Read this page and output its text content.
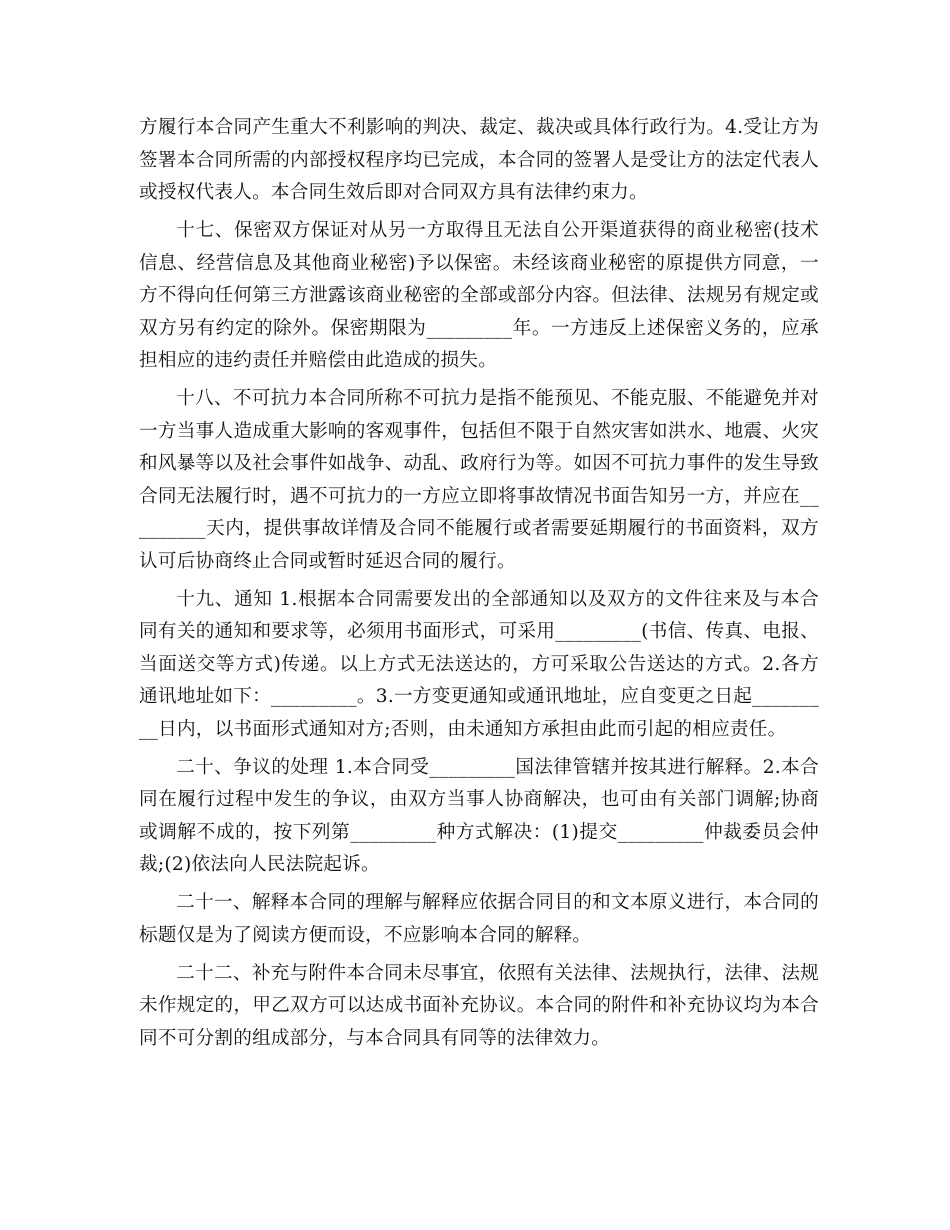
方履行本合同产生重大不利影响的判决、裁定、裁决或具体行政行为。4.受让方为签署本合同所需的内部授权程序均已完成，本合同的签署人是受让方的法定代表人或授权代表人。本合同生效后即对合同双方具有法律约束力。

十七、保密双方保证对从另一方取得且无法自公开渠道获得的商业秘密(技术信息、经营信息及其他商业秘密)予以保密。未经该商业秘密的原提供方同意，一方不得向任何第三方泄露该商业秘密的全部或部分内容。但法律、法规另有规定或双方另有约定的除外。保密期限为_________年。一方违反上述保密义务的，应承担相应的违约责任并赔偿由此造成的损失。

十八、不可抗力本合同所称不可抗力是指不能预见、不能克服、不能避免并对一方当事人造成重大影响的客观事件，包括但不限于自然灾害如洪水、地震、火灾和风暴等以及社会事件如战争、动乱、政府行为等。如因不可抗力事件的发生导致合同无法履行时，遇不可抗力的一方应立即将事故情况书面告知另一方，并应在_________天内，提供事故详情及合同不能履行或者需要延期履行的书面资料，双方认可后协商终止合同或暂时延迟合同的履行。

十九、通知 1.根据本合同需要发出的全部通知以及双方的文件往来及与本合同有关的通知和要求等，必须用书面形式，可采用_________(书信、传真、电报、当面送交等方式)传递。以上方式无法送达的，方可采取公告送达的方式。2.各方通讯地址如下：_________。3.一方变更通知或通讯地址，应自变更之日起_________日内，以书面形式通知对方;否则，由未通知方承担由此而引起的相应责任。

二十、争议的处理 1.本合同受_________国法律管辖并按其进行解释。2.本合同在履行过程中发生的争议，由双方当事人协商解决，也可由有关部门调解;协商或调解不成的，按下列第_________种方式解决：(1)提交_________仲裁委员会仲裁;(2)依法向人民法院起诉。

二十一、解释本合同的理解与解释应依据合同目的和文本原义进行，本合同的标题仅是为了阅读方便而设，不应影响本合同的解释。

二十二、补充与附件本合同未尽事宜，依照有关法律、法规执行，法律、法规未作规定的，甲乙双方可以达成书面补充协议。本合同的附件和补充协议均为本合同不可分割的组成部分，与本合同具有同等的法律效力。
